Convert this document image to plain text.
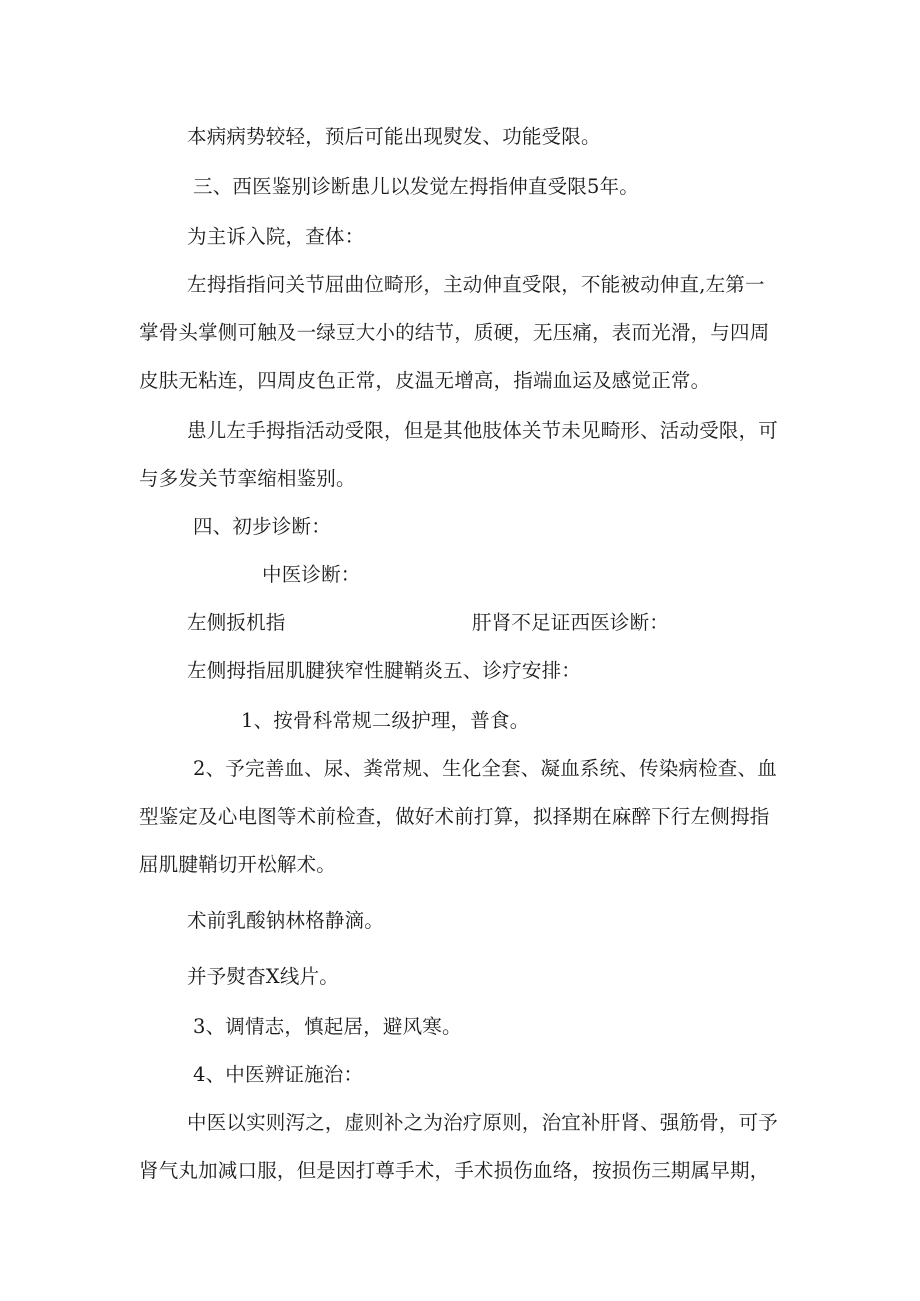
本病病势较轻，预后可能出现熨发、功能受限。
三、西医鉴别诊断患儿以发觉左拇指伸直受限5年。
为主诉入院，查体：
左拇指指问关节屈曲位畸形，主动伸直受限，不能被动伸直,左第一
掌骨头掌侧可触及一绿豆大小的结节，质硬，无压痛，表而光滑，与四周
皮肤无粘连，四周皮色正常，皮温无增高，指端血运及感觉正常。
患儿左手拇指活动受限，但是其他肢体关节未见畸形、活动受限，可
与多发关节挛缩相鉴别。
四、初步诊断：
中医诊断：
左侧扳机指	肝肾不足证西医诊断：
左侧拇指屈肌腱狭窄性腱鞘炎五、诊疗安排：
1、按骨科常规二级护理，普食。
2、予完善血、尿、粪常规、生化全套、凝血系统、传染病检查、血
型鉴定及心电图等术前检查，做好术前打算，拟择期在麻醉下行左侧拇指
屈肌腱鞘切开松解术。
术前乳酸钠林格静滴。
并予熨杳X线片。
3、调情志，慎起居，避风寒。
4、中医辨证施治：
中医以实则泻之，虚则补之为治疗原则，治宜补肝肾、强筋骨，可予
肾气丸加减口服，但是因打尊手术，手术损伤血络，按损伤三期属早期，
